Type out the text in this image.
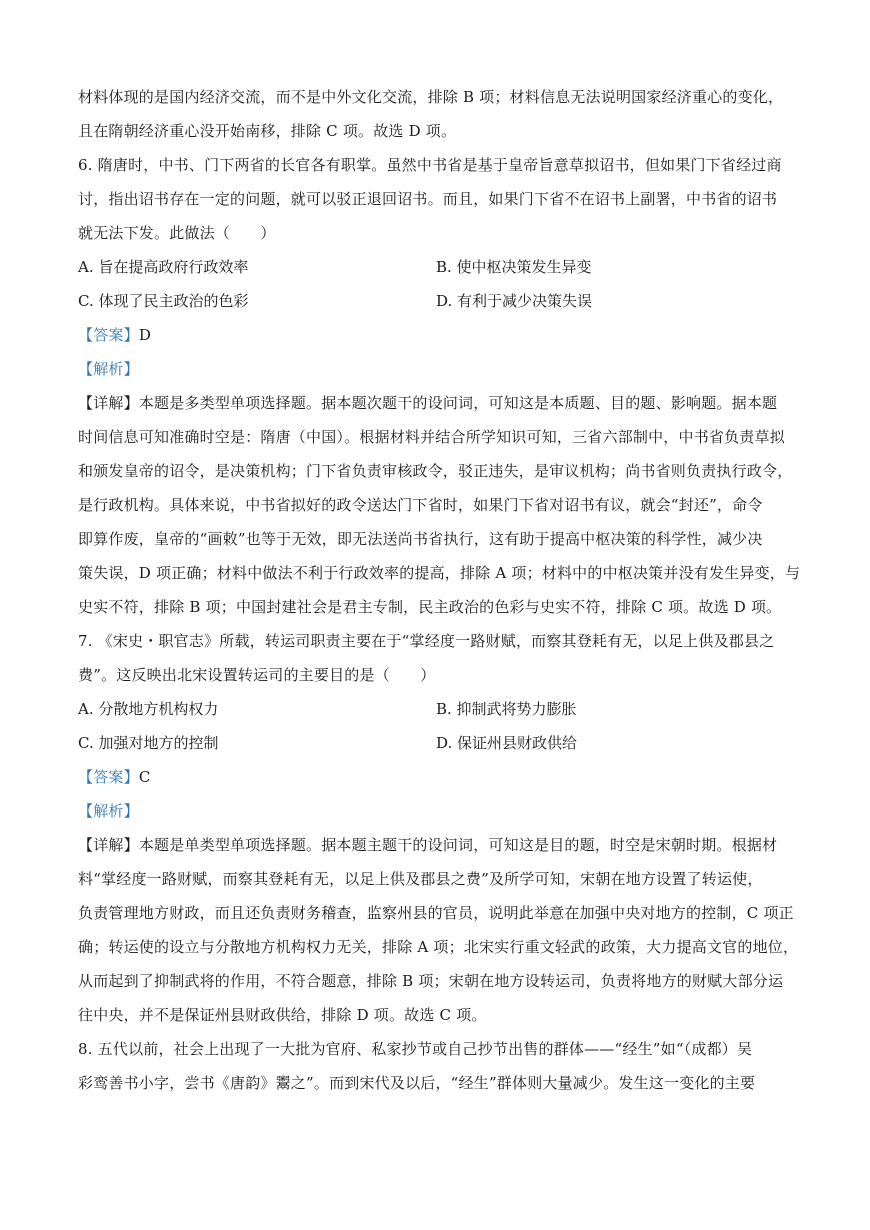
材料体现的是国内经济交流，而不是中外文化交流，排除 B 项；材料信息无法说明国家经济重心的变化，
且在隋朝经济重心没开始南移，排除 C 项。故选 D 项。
6. 隋唐时，中书、门下两省的长官各有职掌。虽然中书省是基于皇帝旨意草拟诏书，但如果门下省经过商
讨，指出诏书存在一定的问题，就可以驳正退回诏书。而且，如果门下省不在诏书上副署，中书省的诏书
就无法下发。此做法（　　）
A. 旨在提高政府行政效率	B. 使中枢决策发生异变
C. 体现了民主政治的色彩	D. 有利于减少决策失误
【答案】D
【解析】
【详解】本题是多类型单项选择题。据本题次题干的设问词，可知这是本质题、目的题、影响题。据本题
时间信息可知准确时空是：隋唐（中国）。根据材料并结合所学知识可知，三省六部制中，中书省负责草拟
和颁发皇帝的诏令，是决策机构；门下省负责审核政令，驳正违失，是审议机构；尚书省则负责执行政令，
是行政机构。具体来说，中书省拟好的政令送达门下省时，如果门下省对诏书有议，就会“封还”，命令
即算作废，皇帝的“画敕”也等于无效，即无法送尚书省执行，这有助于提高中枢决策的科学性，减少决
策失误，D 项正确；材料中做法不利于行政效率的提高，排除 A 项；材料中的中枢决策并没有发生异变，与
史实不符，排除 B 项；中国封建社会是君主专制，民主政治的色彩与史实不符，排除 C 项。故选 D 项。
7. 《宋史・职官志》所载，转运司职责主要在于“掌经度一路财赋，而察其登耗有无，以足上供及郡县之
费”。这反映出北宋设置转运司的主要目的是（　　）
A. 分散地方机构权力	B. 抑制武将势力膨胀
C. 加强对地方的控制	D. 保证州县财政供给
【答案】C
【解析】
【详解】本题是单类型单项选择题。据本题主题干的设问词，可知这是目的题，时空是宋朝时期。根据材
料“掌经度一路财赋，而察其登耗有无，以足上供及郡县之费”及所学可知，宋朝在地方设置了转运使，
负责管理地方财政，而且还负责财务稽查，监察州县的官员，说明此举意在加强中央对地方的控制，C 项正
确；转运使的设立与分散地方机构权力无关，排除 A 项；北宋实行重文轻武的政策，大力提高文官的地位，
从而起到了抑制武将的作用，不符合题意，排除 B 项；宋朝在地方设转运司，负责将地方的财赋大部分运
往中央，并不是保证州县财政供给，排除 D 项。故选 C 项。
8. 五代以前，社会上出现了一大批为官府、私家抄节或自己抄节出售的群体——“经生”如“（成都）吴
彩鸾善书小字，尝书《唐韵》鬻之”。而到宋代及以后，“经生”群体则大量减少。发生这一变化的主要
